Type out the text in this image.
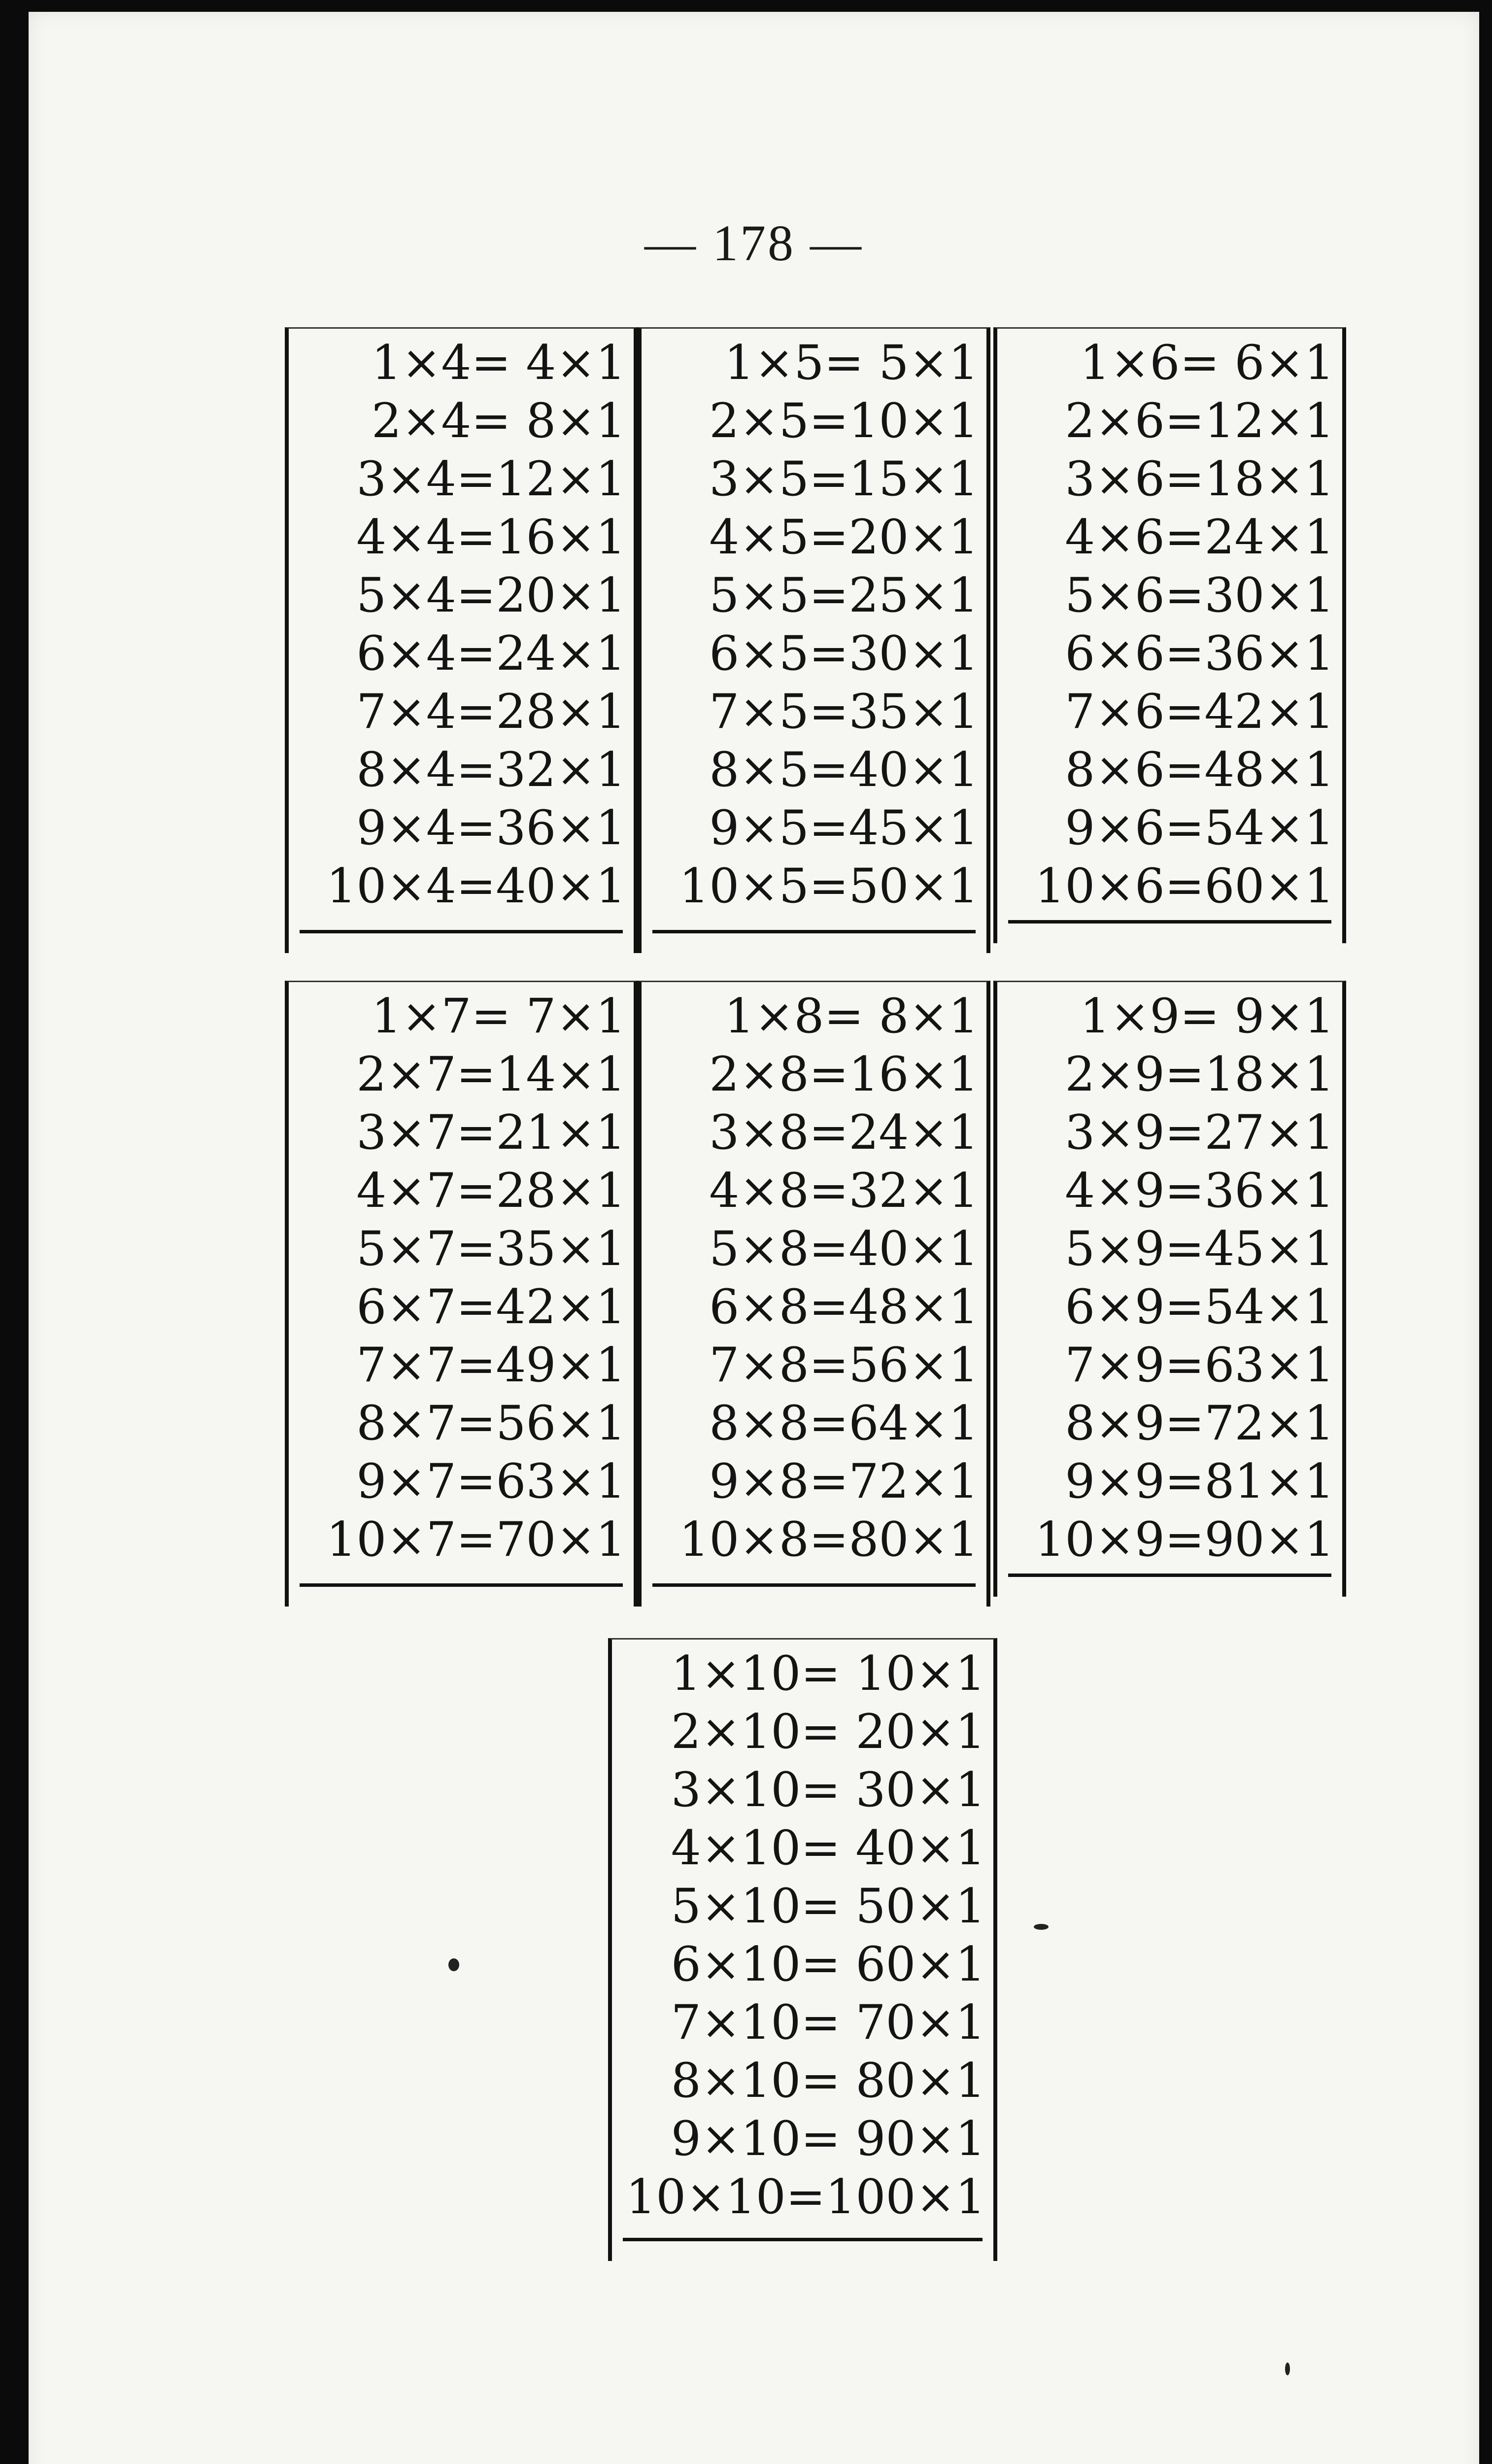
— 178 —
1×4= 4×1
2×4= 8×1
3×4=12×1
4×4=16×1
5×4=20×1
6×4=24×1
7×4=28×1
8×4=32×1
9×4=36×1
10×4=40×1
1×5= 5×1
2×5=10×1
3×5=15×1
4×5=20×1
5×5=25×1
6×5=30×1
7×5=35×1
8×5=40×1
9×5=45×1
10×5=50×1
1×6= 6×1
2×6=12×1
3×6=18×1
4×6=24×1
5×6=30×1
6×6=36×1
7×6=42×1
8×6=48×1
9×6=54×1
10×6=60×1
1×7= 7×1
2×7=14×1
3×7=21×1
4×7=28×1
5×7=35×1
6×7=42×1
7×7=49×1
8×7=56×1
9×7=63×1
10×7=70×1
1×8= 8×1
2×8=16×1
3×8=24×1
4×8=32×1
5×8=40×1
6×8=48×1
7×8=56×1
8×8=64×1
9×8=72×1
10×8=80×1
1×9= 9×1
2×9=18×1
3×9=27×1
4×9=36×1
5×9=45×1
6×9=54×1
7×9=63×1
8×9=72×1
9×9=81×1
10×9=90×1
1×10= 10×1
2×10= 20×1
3×10= 30×1
4×10= 40×1
5×10= 50×1
6×10= 60×1
7×10= 70×1
8×10= 80×1
9×10= 90×1
10×10=100×1
